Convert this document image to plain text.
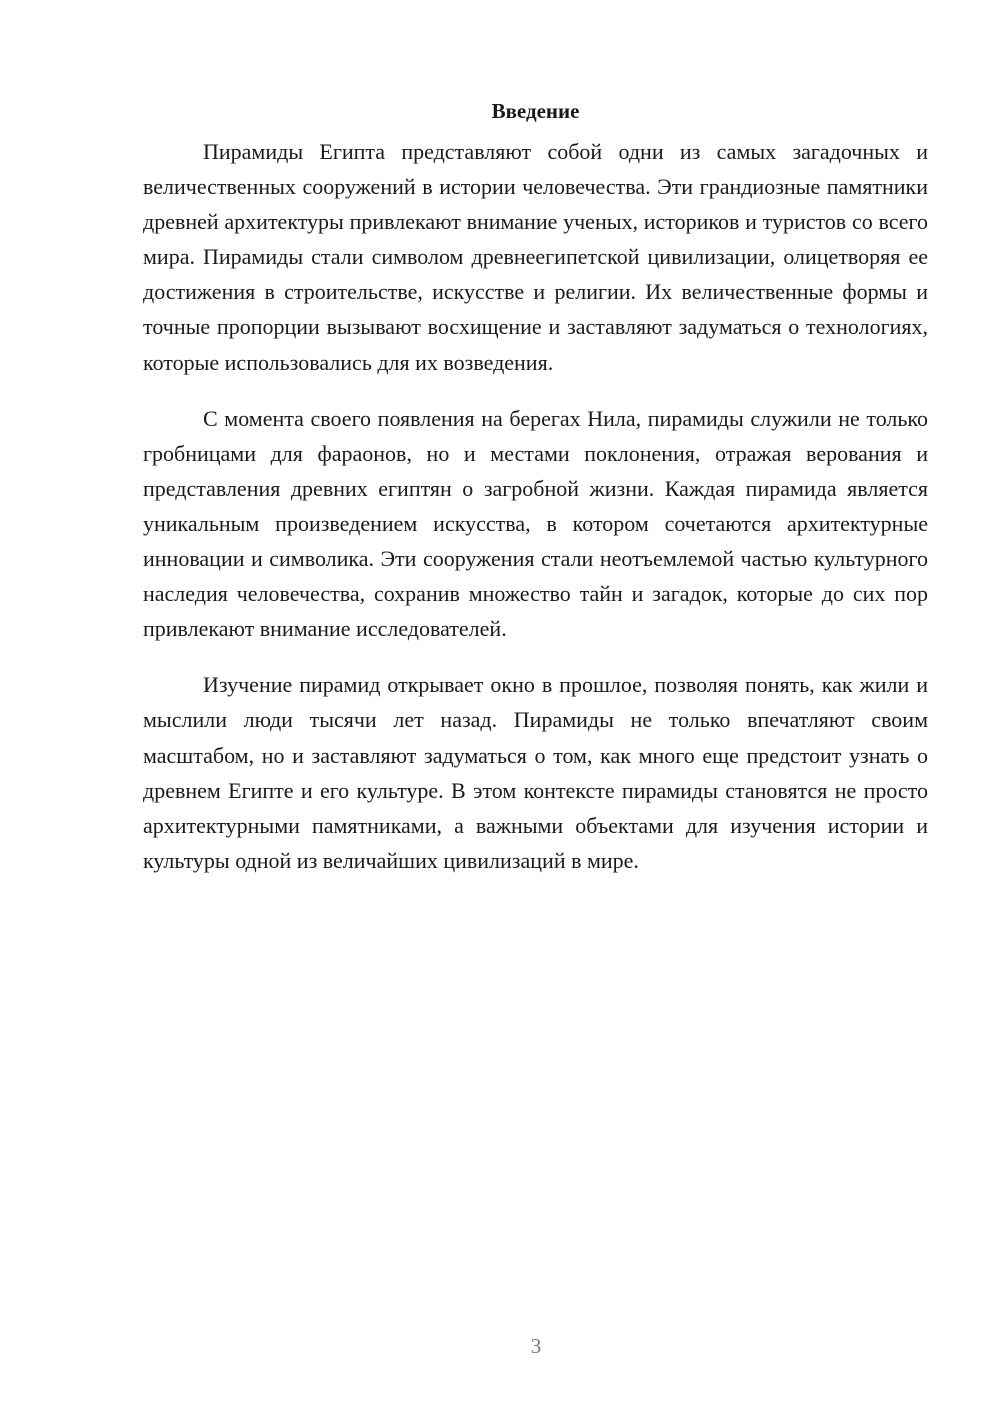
Введение

Пирамиды Египта представляют собой одни из самых загадочных и величественных сооружений в истории человечества. Эти грандиозные памятники древней архитектуры привлекают внимание ученых, историков и туристов со всего мира. Пирамиды стали символом древнеегипетской цивилизации, олицетворяя ее достижения в строительстве, искусстве и религии. Их величественные формы и точные пропорции вызывают восхищение и заставляют задуматься о технологиях, которые использовались для их возведения.

С момента своего появления на берегах Нила, пирамиды служили не только гробницами для фараонов, но и местами поклонения, отражая верования и представления древних египтян о загробной жизни. Каждая пирамида является уникальным произведением искусства, в котором сочетаются архитектурные инновации и символика. Эти сооружения стали неотъемлемой частью культурного наследия человечества, сохранив множество тайн и загадок, которые до сих пор привлекают внимание исследователей.

Изучение пирамид открывает окно в прошлое, позволяя понять, как жили и мыслили люди тысячи лет назад. Пирамиды не только впечатляют своим масштабом, но и заставляют задуматься о том, как много еще предстоит узнать о древнем Египте и его культуре. В этом контексте пирамиды становятся не просто архитектурными памятниками, а важными объектами для изучения истории и культуры одной из величайших цивилизаций в мире.

3
